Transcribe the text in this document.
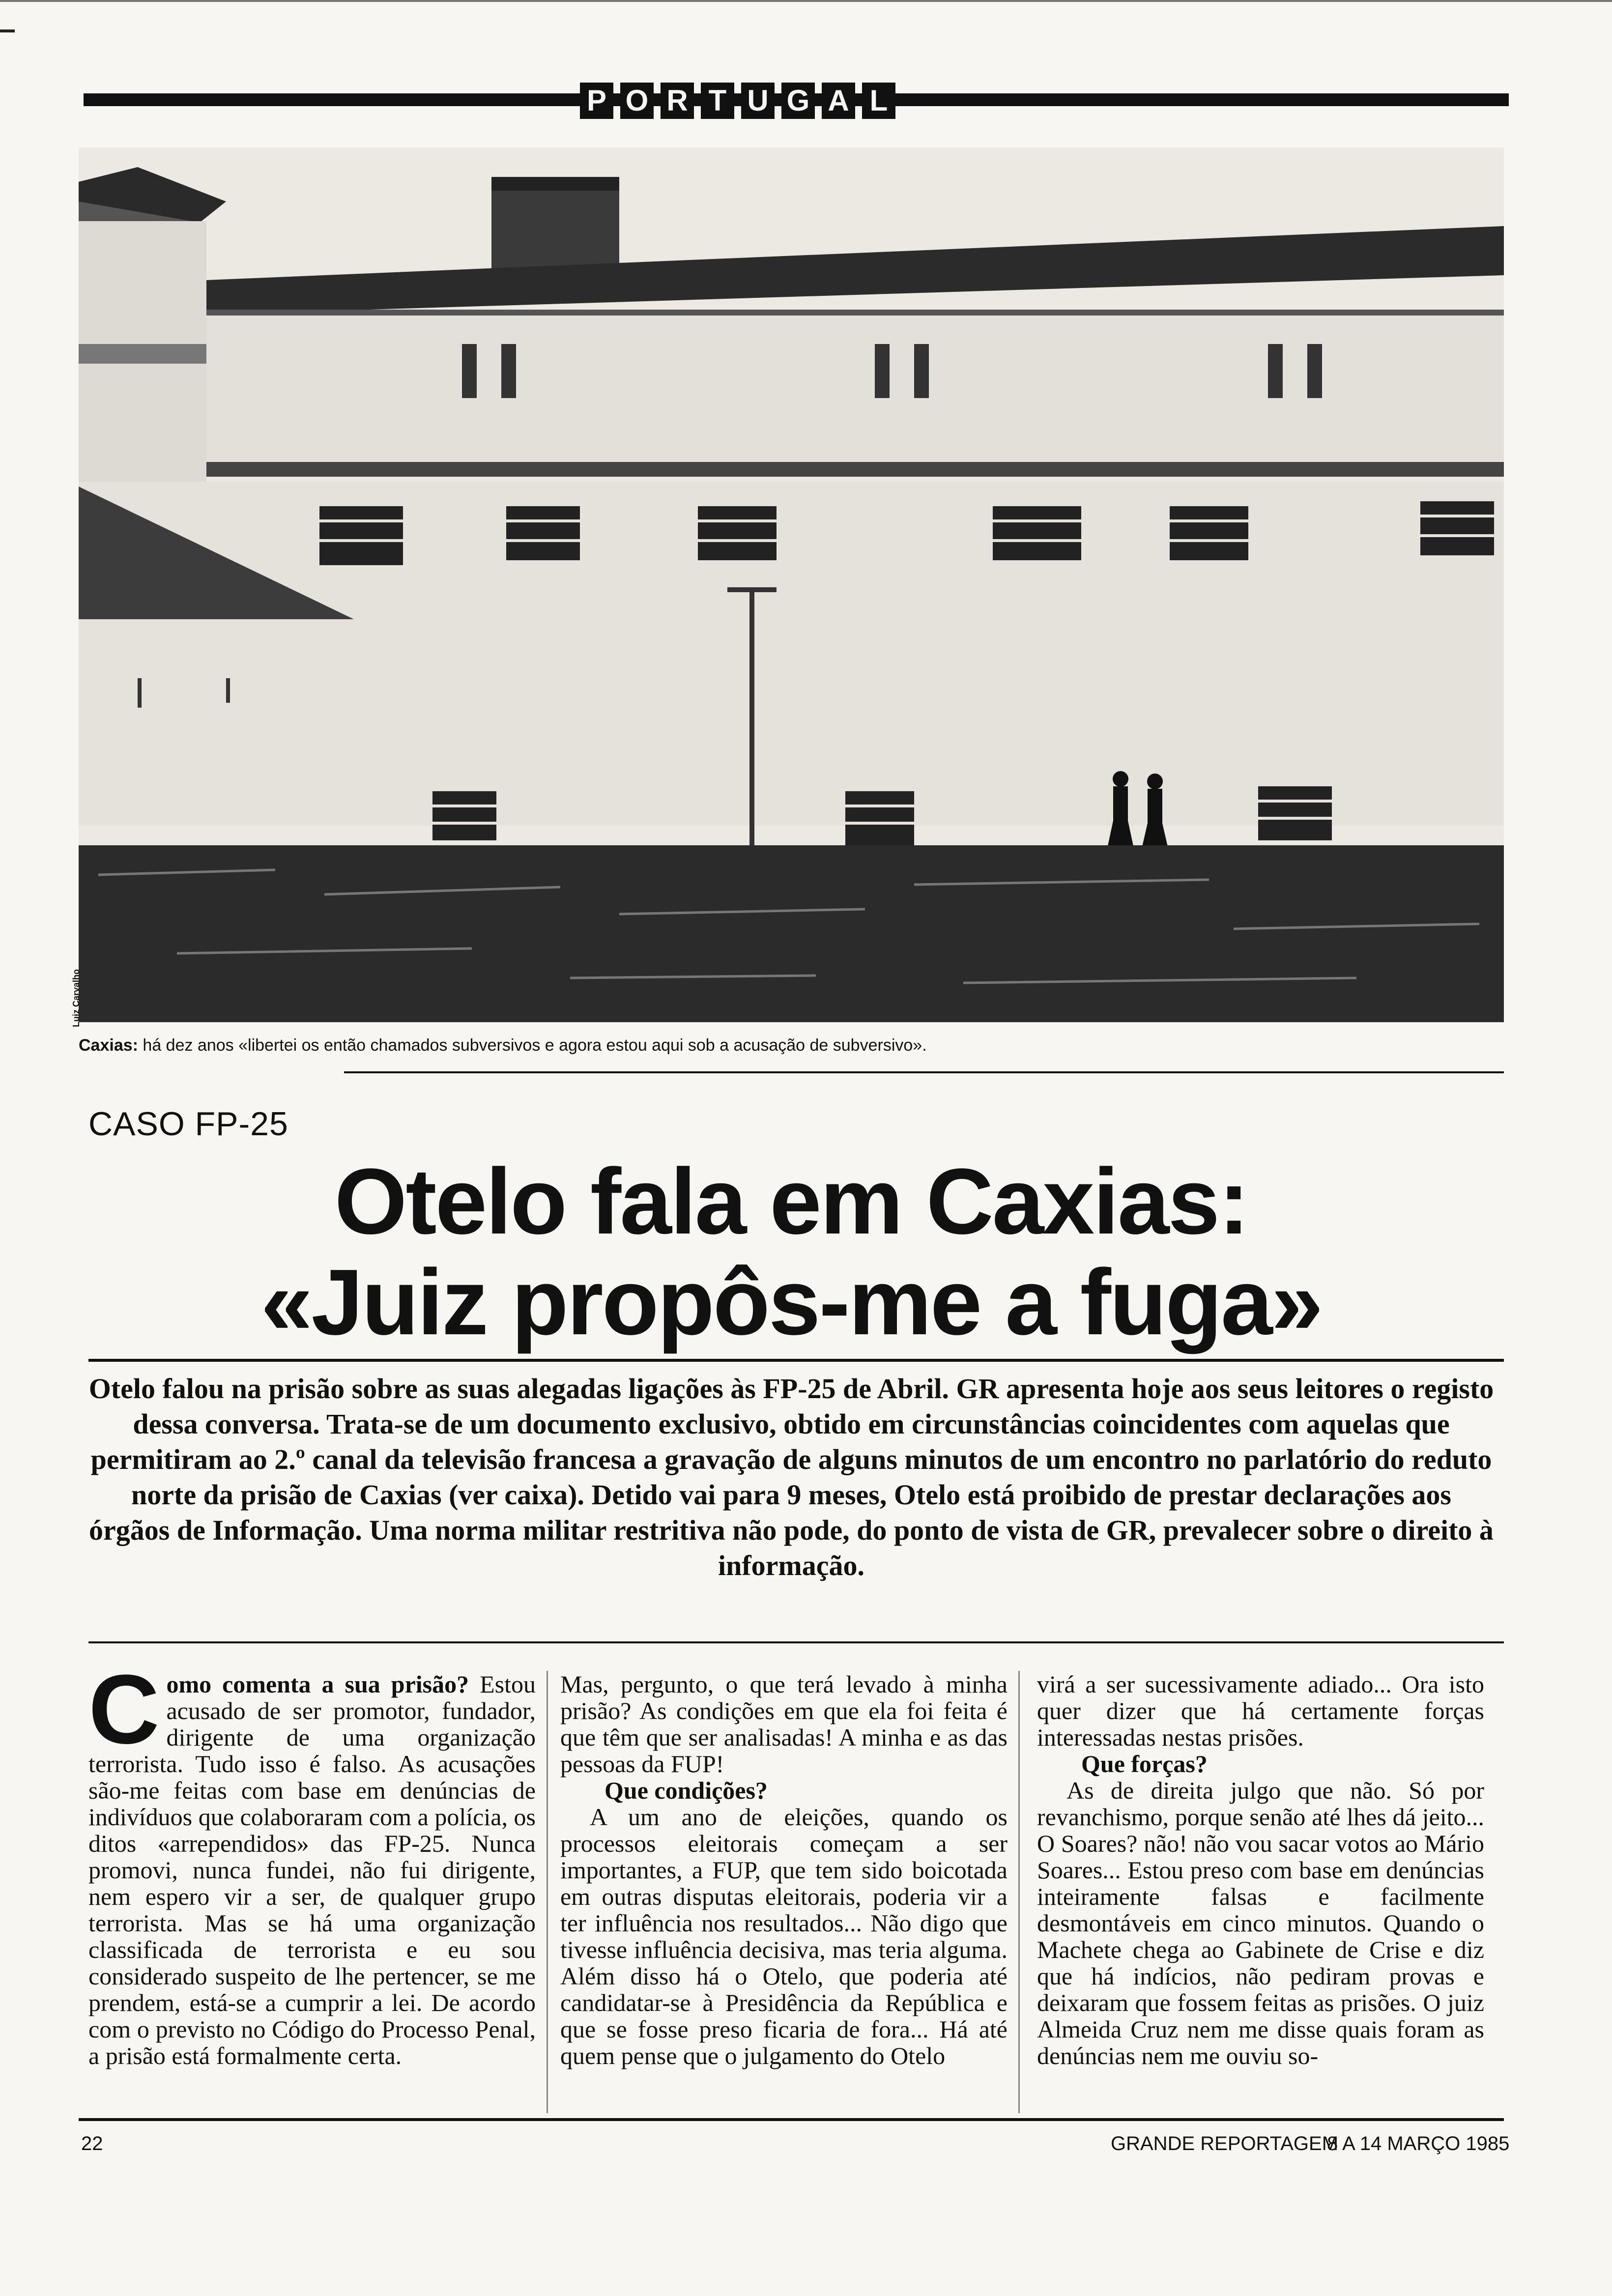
P O R T U G A L
Luiz Carvalho
Caxias: há dez anos «libertei os então chamados subversivos e agora estou aqui sob a acusação de subversivo».
CASO FP-25
Otelo fala em Caxias:
«Juiz propôs-me a fuga»
Otelo falou na prisão sobre as suas alegadas ligações às FP-25 de Abril. GR apresenta hoje aos seus leitores o registo dessa conversa. Trata-se de um documento exclusivo, obtido em circunstâncias coincidentes com aquelas que permitiram ao 2.º canal da televisão francesa a gravação de alguns minutos de um encontro no parlatório do reduto norte da prisão de Caxias (ver caixa). Detido vai para 9 meses, Otelo está proibido de prestar declarações aos órgãos de Informação. Uma norma militar restritiva não pode, do ponto de vista de GR, prevalecer sobre o direito à informação.
C omo comenta a sua prisão? Estou acusado de ser promotor, fundador, dirigente de uma organização terrorista. Tudo isso é falso. As acusações são-me feitas com base em denúncias de indivíduos que colaboraram com a polícia, os ditos «arrependidos» das FP-25. Nunca promovi, nunca fundei, não fui dirigente, nem espero vir a ser, de qualquer grupo terrorista. Mas se há uma organização classificada de terrorista e eu sou considerado suspeito de lhe pertencer, se me prendem, está-se a cumprir a lei. De acordo com o previsto no Código do Processo Penal, a prisão está formalmente certa.

Mas, pergunto, o que terá levado à minha prisão? As condições em que ela foi feita é que têm que ser analisadas! A minha e as das pessoas da FUP!

Que condições?

A um ano de eleições, quando os processos eleitorais começam a ser importantes, a FUP, que tem sido boicotada em outras disputas eleitorais, poderia vir a ter influência nos resultados... Não digo que tivesse influência decisiva, mas teria alguma. Além disso há o Otelo, que poderia até candidatar-se à Presidência da República e que se fosse preso ficaria de fora... Há até quem pense que o julgamento do Otelo

virá a ser sucessivamente adiado... Ora isto quer dizer que há certamente forças interessadas nestas prisões.

Que forças?

As de direita julgo que não. Só por revanchismo, porque senão até lhes dá jeito... O Soares? não! não vou sacar votos ao Mário Soares... Estou preso com base em denúncias inteiramente falsas e facilmente desmontáveis em cinco minutos. Quando o Machete chega ao Gabinete de Crise e diz que há indícios, não pediram provas e deixaram que fossem feitas as prisões. O juiz Almeida Cruz nem me disse quais foram as denúncias nem me ouviu so-

22	GRANDE REPORTAGEM
8 A 14 MARÇO 1985
